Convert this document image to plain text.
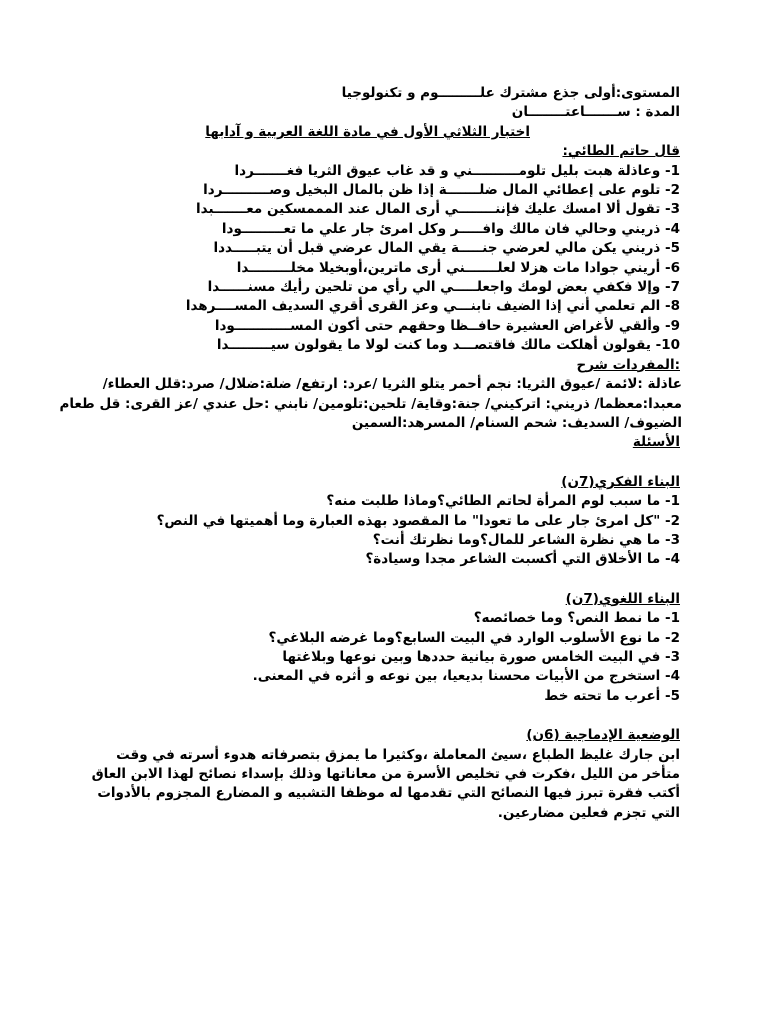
المستوى:أولى جذع مشترك علـــــــــوم و تكنولوجيا
المدة : ســـــــاعتــــــــان
اختبار الثلاثي الأول في مادة اللغة العربية و آدابها
قال حاتم الطائي:
1- وعاذلة هبت بليل تلومــــــــــني و قد غاب عيوق الثريا فغـــــــردا
2- تلوم على إعطائي المال ضلـــــــة إذا ظن بالمال البخيل وصــــــــــردا
3- تقول ألا امسك عليك فإننــــــــي أرى المال عند المممسكين معـــــــبدا
4- ذريني وحالي فان مالك وافـــــر وكل امرئ جار علي ما تعـــــــــودا
5- ذريني يكن مالي لعرضي جنـــــة يقي المال عرضي قبل أن يتبـــــددا
6- أريني جوادا مات هزلا لعلـــــــني أرى ماترين،أوبخيلا مخلـــــــــدا
7- وإلا فكفي بعض لومك واجعلـــــي الي رأي من تلحين رأيك مسنــــــدا
8- الم تعلمي أني إذا الضيف نابنـــي وعز القرى أقري السديف المســــرهدا
9- وألقي لأغراض العشيرة حافــظا وحقهم حتى أكون المســــــــــــودا
10- يقولون أهلكت مالك فاقتصـــد وما كنت لولا ما يقولون سيـــــــــدا
:المفردات شرح
عاذلة :لائمة /عيوق الثريا: نجم أحمر يتلو الثريا /عرد: ارتفع/ ضلة:ضلال/ صرد:قلل العطاء/
معبدا:معظما/ ذريني: اتركيني/ جنة:وقاية/ تلحين:تلومين/ نابني :حل عندي /عز القرى: قل طعام
الضيوف/ السديف: شحم السنام/ المسرهد:السمين
الأسئلة
البناء الفكري(7ن)
1- ما سبب لوم المرأة لحاتم الطائي؟وماذا طلبت منه؟
2- "كل امرئ جار على ما تعودا" ما المقصود بهذه العبارة وما أهميتها في النص؟
3- ما هي نظرة الشاعر للمال؟وما نظرتك أنت؟
4- ما الأخلاق التي أكسبت الشاعر مجدا وسيادة؟
البناء اللغوي(7ن)
1- ما نمط النص؟ وما خصائصه؟
2- ما نوع الأسلوب الوارد في البيت السابع؟وما غرضه البلاغي؟
3- في البيت الخامس صورة بيانية حددها وبين نوعها وبلاغتها
4- استخرج من الأبيات محسنا بديعيا، بين نوعه و أثره في المعنى.
5- أعرب ما تحته خط
الوضعية الإدماجية (6ن)
ابن جارك غليظ الطباع ،سيئ المعاملة ،وكثيرا ما يمزق بتصرفاته هدوء أسرته في وقت متأخر من الليل ،فكرت في تخليص الأسرة من معاناتها وذلك بإسداء نصائح لهذا الابن العاق أكتب فقرة تبرز فيها النصائح التي تقدمها له موظفا التشبيه و المضارع المجزوم بالأدوات التي تجزم فعلين مضارعين.
